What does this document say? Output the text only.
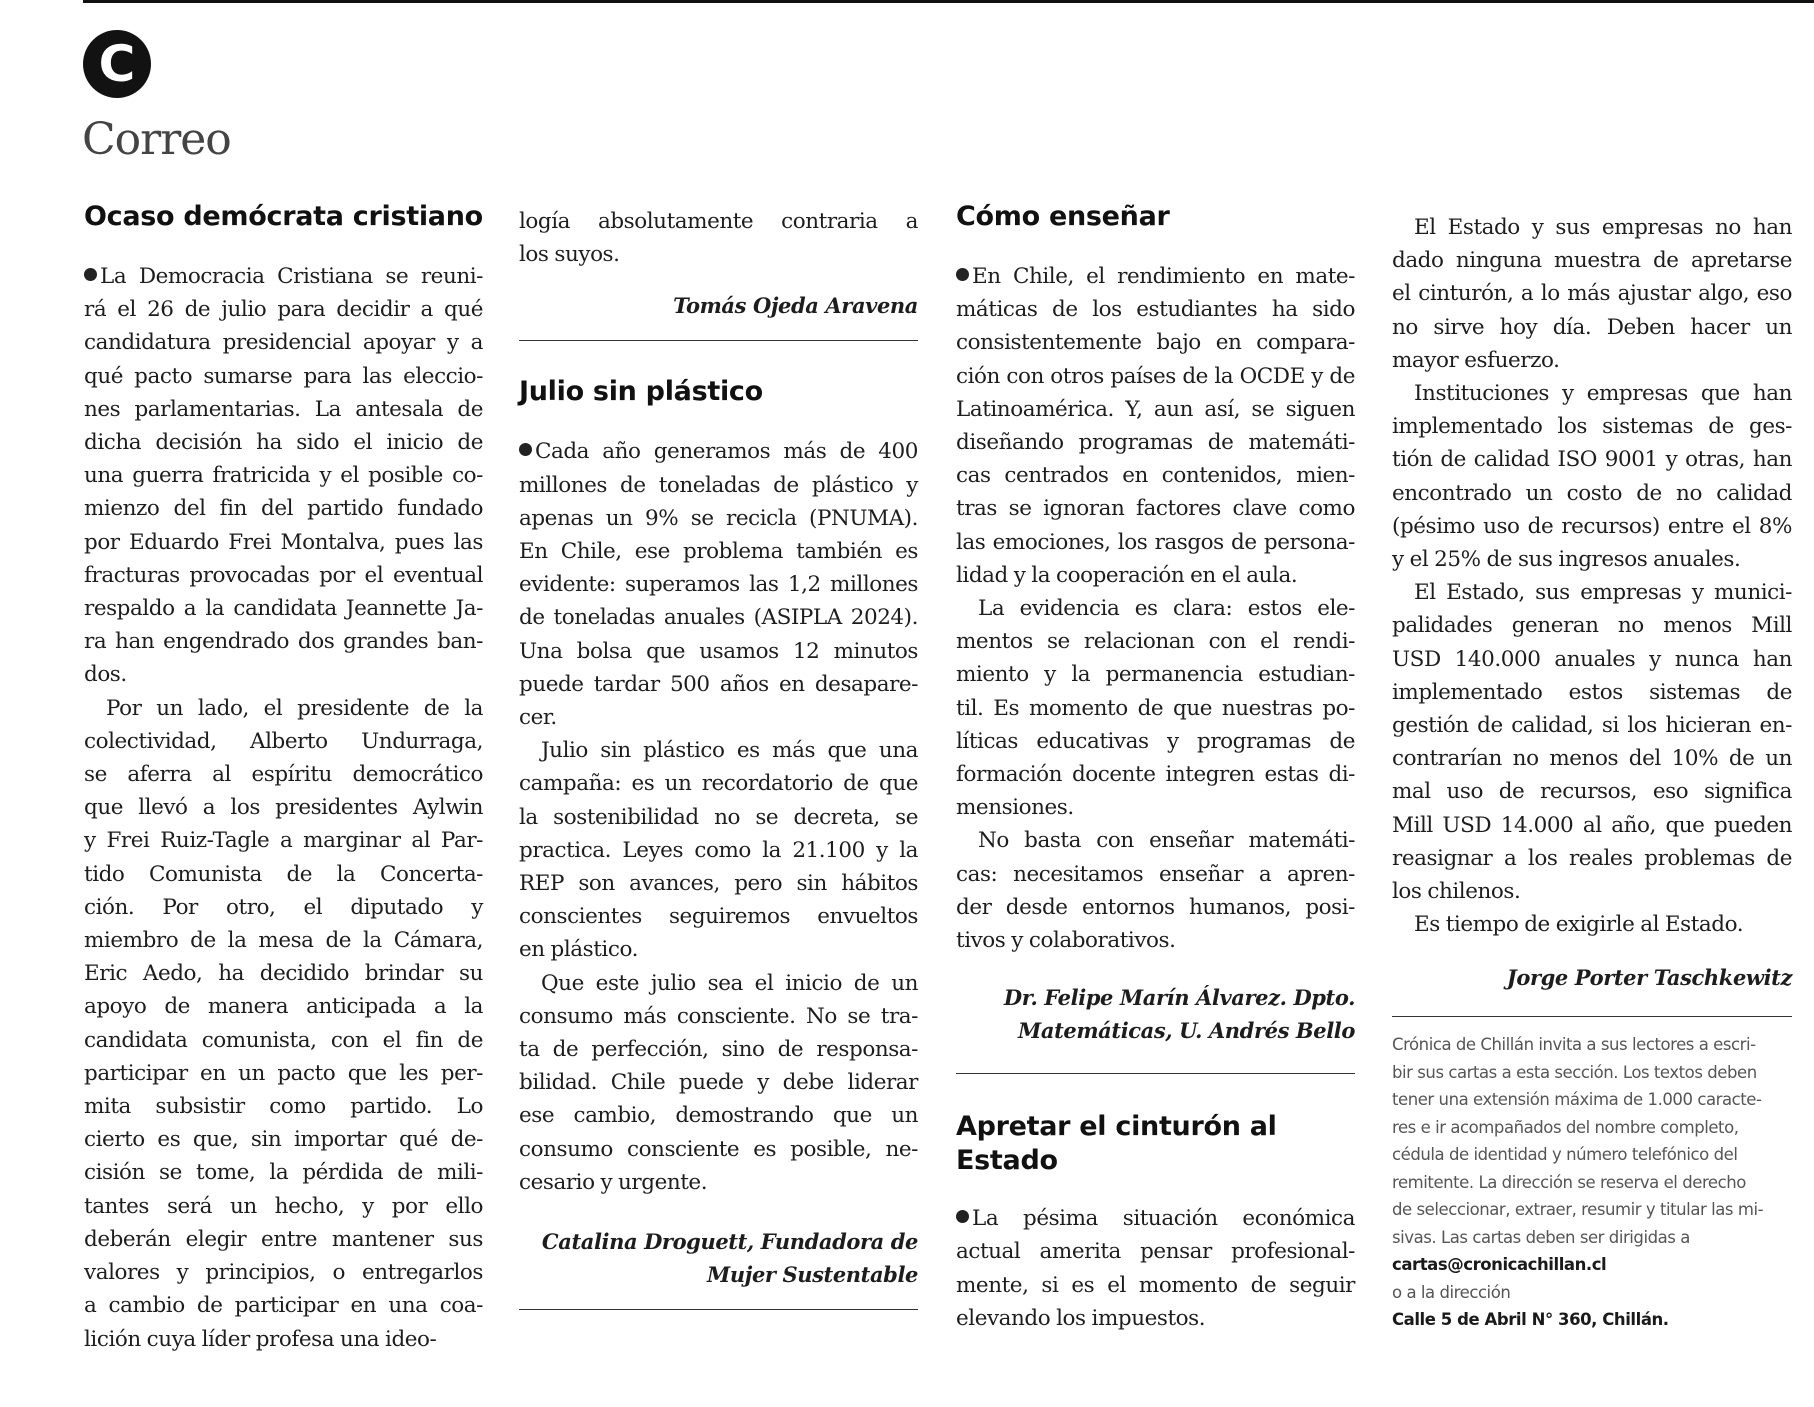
C
Correo
Ocaso demócrata cristiano

La Democracia Cristiana se reuni-
rá el 26 de julio para decidir a qué
candidatura presidencial apoyar y a
qué pacto sumarse para las eleccio-
nes parlamentarias. La antesala de
dicha decisión ha sido el inicio de
una guerra fratricida y el posible co-
mienzo del fin del partido fundado
por Eduardo Frei Montalva, pues las
fracturas provocadas por el eventual
respaldo a la candidata Jeannette Ja-
ra han engendrado dos grandes ban-
dos.

Por un lado, el presidente de la
colectividad, Alberto Undurraga,
se aferra al espíritu democrático
que llevó a los presidentes Aylwin
y Frei Ruiz-Tagle a marginar al Par-
tido Comunista de la Concerta-
ción. Por otro, el diputado y
miembro de la mesa de la Cámara,
Eric Aedo, ha decidido brindar su
apoyo de manera anticipada a la
candidata comunista, con el fin de
participar en un pacto que les per-
mita subsistir como partido. Lo
cierto es que, sin importar qué de-
cisión se tome, la pérdida de mili-
tantes será un hecho, y por ello
deberán elegir entre mantener sus
valores y principios, o entregarlos
a cambio de participar en una coa-
lición cuya líder profesa una ideo-

logía absolutamente contraria a
los suyos.

Tomás Ojeda Aravena
Julio sin plástico

Cada año generamos más de 400
millones de toneladas de plástico y
apenas un 9% se recicla (PNUMA).
En Chile, ese problema también es
evidente: superamos las 1,2 millones
de toneladas anuales (ASIPLA 2024).
Una bolsa que usamos 12 minutos
puede tardar 500 años en desapare-
cer.

Julio sin plástico es más que una
campaña: es un recordatorio de que
la sostenibilidad no se decreta, se
practica. Leyes como la 21.100 y la
REP son avances, pero sin hábitos
conscientes seguiremos envueltos
en plástico.

Que este julio sea el inicio de un
consumo más consciente. No se tra-
ta de perfección, sino de responsa-
bilidad. Chile puede y debe liderar
ese cambio, demostrando que un
consumo consciente es posible, ne-
cesario y urgente.

Catalina Droguett, Fundadora de
Mujer Sustentable
Cómo enseñar

En Chile, el rendimiento en mate-
máticas de los estudiantes ha sido
consistentemente bajo en compara-
ción con otros países de la OCDE y de
Latinoamérica. Y, aun así, se siguen
diseñando programas de matemáti-
cas centrados en contenidos, mien-
tras se ignoran factores clave como
las emociones, los rasgos de persona-
lidad y la cooperación en el aula.

La evidencia es clara: estos ele-
mentos se relacionan con el rendi-
miento y la permanencia estudian-
til. Es momento de que nuestras po-
líticas educativas y programas de
formación docente integren estas di-
mensiones.

No basta con enseñar matemáti-
cas: necesitamos enseñar a apren-
der desde entornos humanos, posi-
tivos y colaborativos.

Dr. Felipe Marín Álvarez. Dpto.
Matemáticas, U. Andrés Bello
Apretar el cinturón al
Estado

La pésima situación económica
actual amerita pensar profesional-
mente, si es el momento de seguir
elevando los impuestos.

El Estado y sus empresas no han
dado ninguna muestra de apretarse
el cinturón, a lo más ajustar algo, eso
no sirve hoy día. Deben hacer un
mayor esfuerzo.

Instituciones y empresas que han
implementado los sistemas de ges-
tión de calidad ISO 9001 y otras, han
encontrado un costo de no calidad
(pésimo uso de recursos) entre el 8%
y el 25% de sus ingresos anuales.

El Estado, sus empresas y munici-
palidades generan no menos Mill
USD 140.000 anuales y nunca han
implementado estos sistemas de
gestión de calidad, si los hicieran en-
contrarían no menos del 10% de un
mal uso de recursos, eso significa
Mill USD 14.000 al año, que pueden
reasignar a los reales problemas de
los chilenos.

Es tiempo de exigirle al Estado.

Jorge Porter Taschkewitz
Crónica de Chillán invita a sus lectores a escri-
bir sus cartas a esta sección. Los textos deben
tener una extensión máxima de 1.000 caracte-
res e ir acompañados del nombre completo,
cédula de identidad y número telefónico del
remitente. La dirección se reserva el derecho
de seleccionar, extraer, resumir y titular las mi-
sivas. Las cartas deben ser dirigidas a
cartas@cronicachillan.cl
o a la dirección
Calle 5 de Abril N° 360, Chillán.
